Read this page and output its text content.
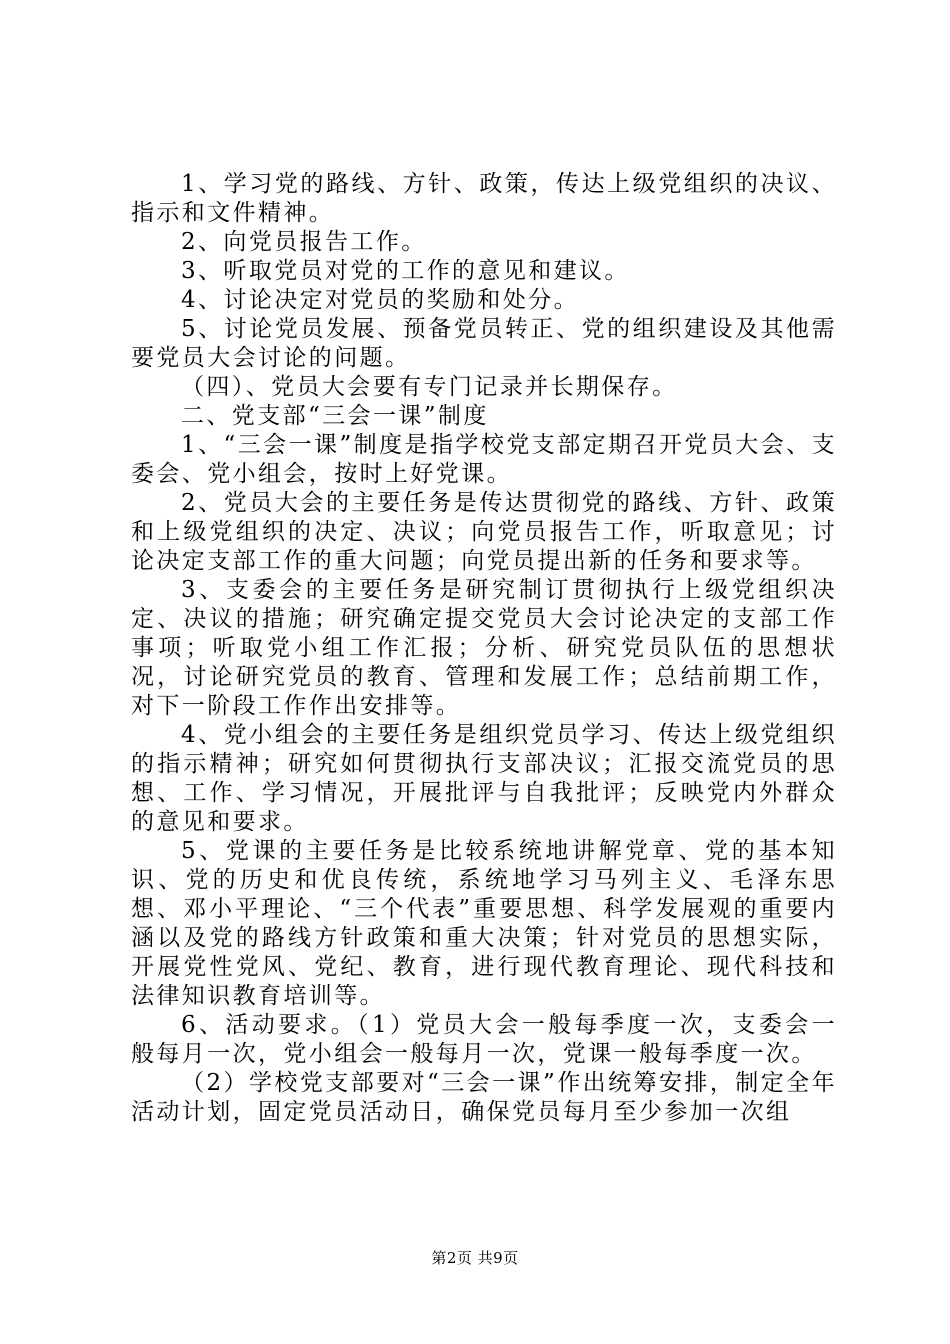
1、学习党的路线、方针、政策，传达上级党组织的决议、指示和文件精神。

2、向党员报告工作。

3、听取党员对党的工作的意见和建议。

4、讨论决定对党员的奖励和处分。

5、讨论党员发展、预备党员转正、党的组织建设及其他需要党员大会讨论的问题。

（四）、党员大会要有专门记录并长期保存。

二、党支部“三会一课”制度

1、“三会一课”制度是指学校党支部定期召开党员大会、支委会、党小组会，按时上好党课。

2、党员大会的主要任务是传达贯彻党的路线、方针、政策和上级党组织的决定、决议；向党员报告工作，听取意见；讨论决定支部工作的重大问题；向党员提出新的任务和要求等。

3、支委会的主要任务是研究制订贯彻执行上级党组织决定、决议的措施；研究确定提交党员大会讨论决定的支部工作事项；听取党小组工作汇报；分析、研究党员队伍的思想状况，讨论研究党员的教育、管理和发展工作；总结前期工作，对下一阶段工作作出安排等。

4、党小组会的主要任务是组织党员学习、传达上级党组织的指示精神；研究如何贯彻执行支部决议；汇报交流党员的思想、工作、学习情况，开展批评与自我批评；反映党内外群众的意见和要求。

5、党课的主要任务是比较系统地讲解党章、党的基本知识、党的历史和优良传统，系统地学习马列主义、毛泽东思想、邓小平理论、“三个代表”重要思想、科学发展观的重要内涵以及党的路线方针政策和重大决策；针对党员的思想实际，开展党性党风、党纪、教育，进行现代教育理论、现代科技和法律知识教育培训等。

6、活动要求。（1）党员大会一般每季度一次，支委会一般每月一次，党小组会一般每月一次，党课一般每季度一次。

（2）学校党支部要对“三会一课”作出统筹安排，制定全年活动计划，固定党员活动日，确保党员每月至少参加一次组

第2页 共9页
